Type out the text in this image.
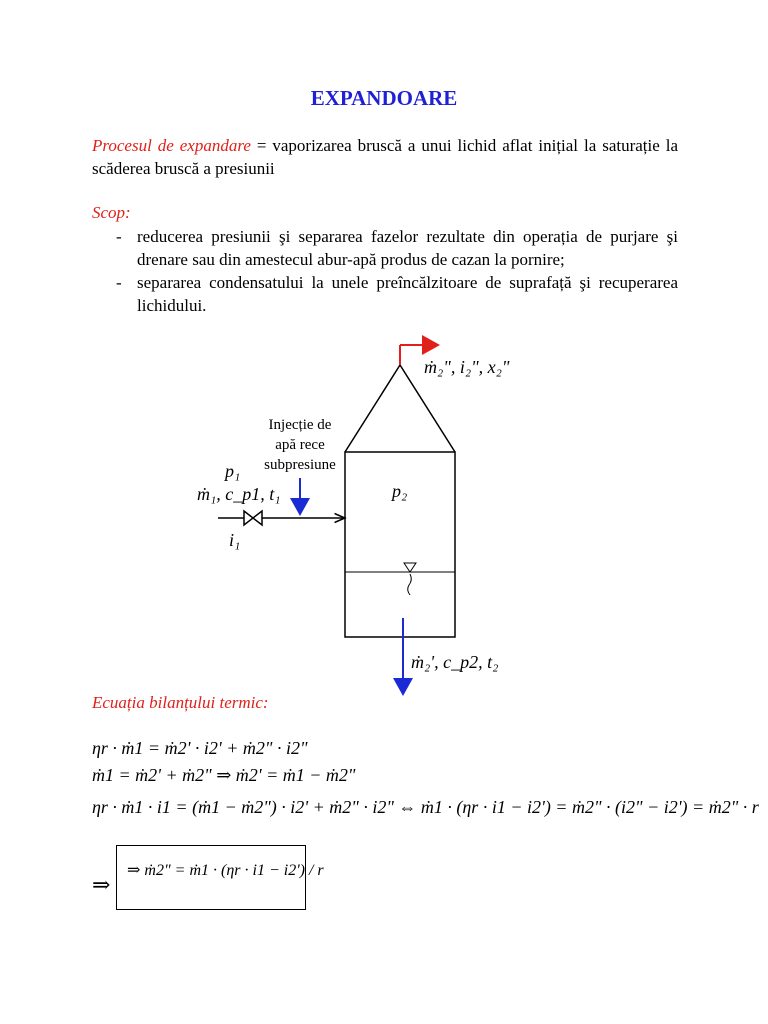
EXPANDOARE
Procesul de expandare = vaporizarea bruscă a unui lichid aflat inițial la saturație la scăderea bruscă a presiunii
Scop:
- reducerea presiunii şi separarea fazelor rezultate din operația de purjare şi drenare sau din amestecul abur-apă produs de cazan la pornire;
- separarea condensatului la unele preîncălzitoare de suprafață şi recuperarea lichidului.
ṁ₂", i₂", x₂"
Injecție de
apă rece
subpresiune
p₁
ṁ₁, c_p1, t₁
i₁
p₂
ṁ₂', c_p2, t₂
Ecuația bilanțului termic:
ηr · ṁ1 = ṁ2' · i2' + ṁ2" · i2"
ṁ1 = ṁ2' + ṁ2" ⇒ ṁ2' = ṁ1 − ṁ2"
ηr · ṁ1 · i1 = (ṁ1 − ṁ2") · i2' + ṁ2" · i2" ⇔ ṁ1 · (ηr · i1 − i2') = ṁ2" · (i2" − i2') = ṁ2" · r
⇒
⇒ ṁ2" = ṁ1 · (ηr · i1 − i2') / r
